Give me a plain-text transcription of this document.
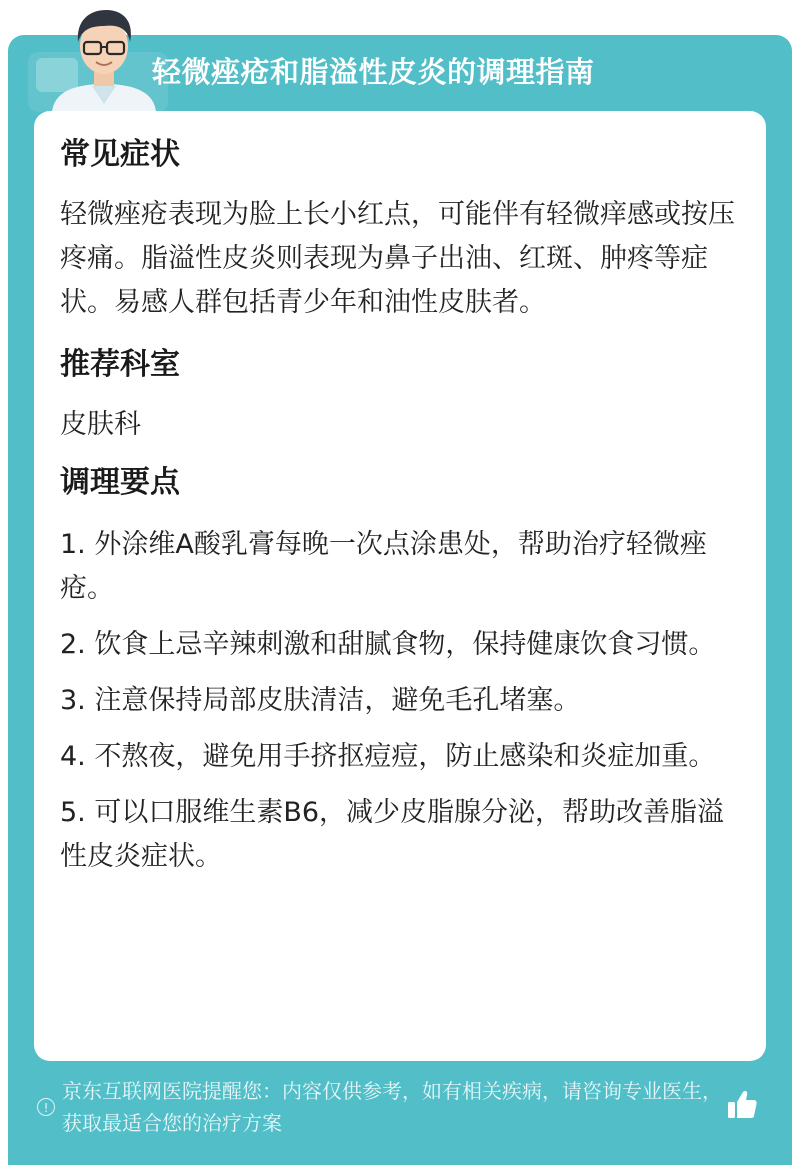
轻微痤疮和脂溢性皮炎的调理指南
常见症状

轻微痤疮表现为脸上长小红点，可能伴有轻微痒感或按压疼痛。脂溢性皮炎则表现为鼻子出油、红斑、肿疼等症状。易感人群包括青少年和油性皮肤者。

推荐科室

皮肤科

调理要点
1. 外涂维A酸乳膏每晚一次点涂患处，帮助治疗轻微痤疮。
2. 饮食上忌辛辣刺激和甜腻食物，保持健康饮食习惯。
3. 注意保持局部皮肤清洁，避免毛孔堵塞。
4. 不熬夜，避免用手挤抠痘痘，防止感染和炎症加重。
5. 可以口服维生素B6，减少皮脂腺分泌，帮助改善脂溢性皮炎症状。
!
京东互联网医院提醒您：内容仅供参考，如有相关疾病，请咨询专业医生，获取最适合您的治疗方案
